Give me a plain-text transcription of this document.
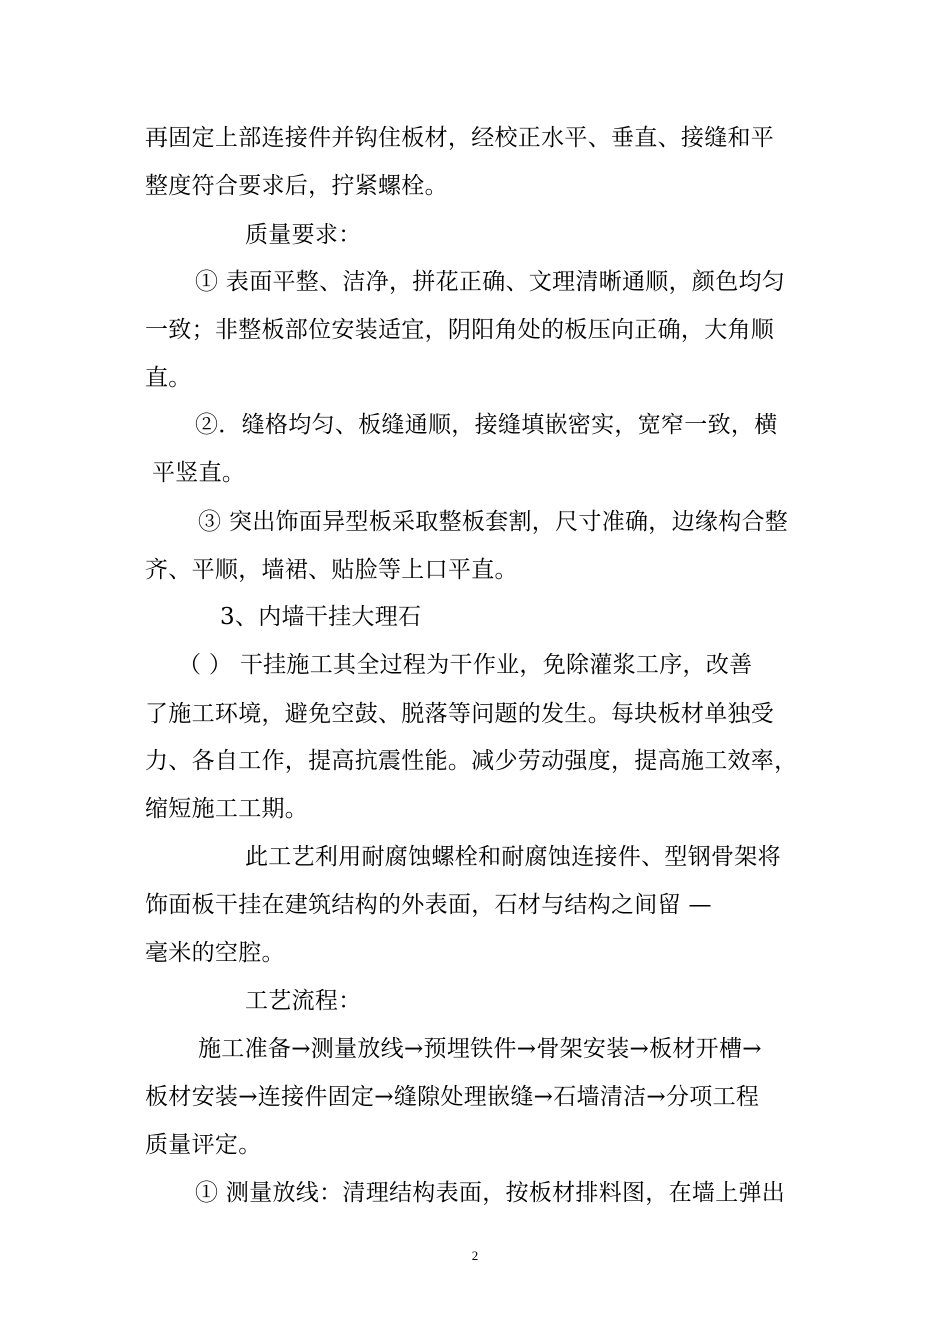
再固定上部连接件并钩住板材，经校正水平、垂直、接缝和平
整度符合要求后，拧紧螺栓。
质量要求：
① 表面平整、洁净，拼花正确、文理清晰通顺，颜色均匀
一致；非整板部位安装适宜，阴阳角处的板压向正确，大角顺
直。
②．缝格均匀、板缝通顺，接缝填嵌密实，宽窄一致，横
平竖直。
③ 突出饰面异型板采取整板套割，尺寸准确，边缘构合整
齐、平顺，墙裙、贴脸等上口平直。
3、内墙干挂大理石
（ ） 干挂施工其全过程为干作业，免除灌浆工序，改善
了施工环境，避免空鼓、脱落等问题的发生。每块板材单独受
力、各自工作，提高抗震性能。减少劳动强度，提高施工效率，
缩短施工工期。
此工艺利用耐腐蚀螺栓和耐腐蚀连接件、型钢骨架将
饰面板干挂在建筑结构的外表面，石材与结构之间留 —
毫米的空腔。
工艺流程：
施工准备→测量放线→预埋铁件→骨架安装→板材开槽→
板材安装→连接件固定→缝隙处理嵌缝→石墙清洁→分项工程
质量评定。
① 测量放线：清理结构表面，按板材排料图，在墙上弹出
2
